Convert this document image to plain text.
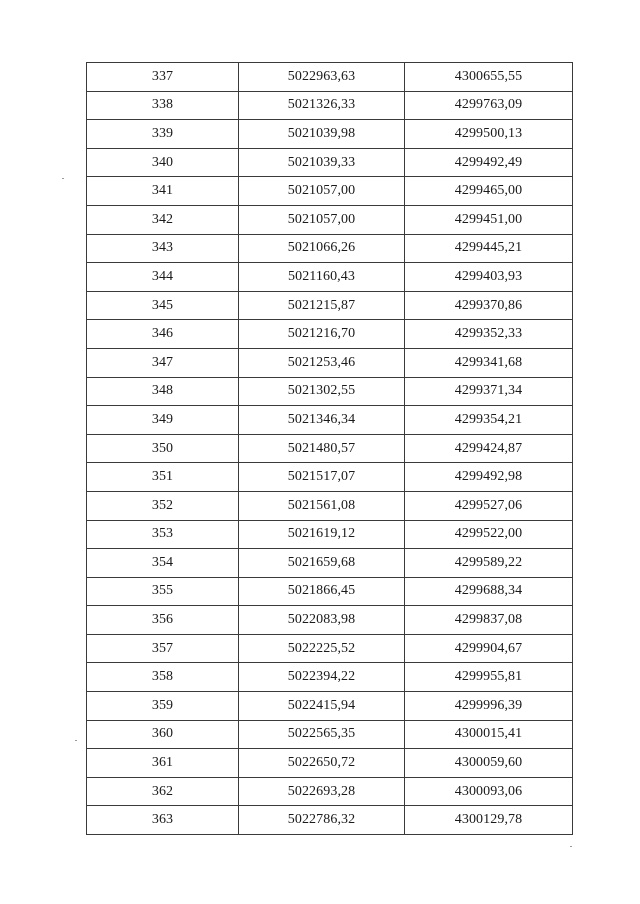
337	5022963,63	4300655,55
338	5021326,33	4299763,09
339	5021039,98	4299500,13
340	5021039,33	4299492,49
341	5021057,00	4299465,00
342	5021057,00	4299451,00
343	5021066,26	4299445,21
344	5021160,43	4299403,93
345	5021215,87	4299370,86
346	5021216,70	4299352,33
347	5021253,46	4299341,68
348	5021302,55	4299371,34
349	5021346,34	4299354,21
350	5021480,57	4299424,87
351	5021517,07	4299492,98
352	5021561,08	4299527,06
353	5021619,12	4299522,00
354	5021659,68	4299589,22
355	5021866,45	4299688,34
356	5022083,98	4299837,08
357	5022225,52	4299904,67
358	5022394,22	4299955,81
359	5022415,94	4299996,39
360	5022565,35	4300015,41
361	5022650,72	4300059,60
362	5022693,28	4300093,06
363	5022786,32	4300129,78
